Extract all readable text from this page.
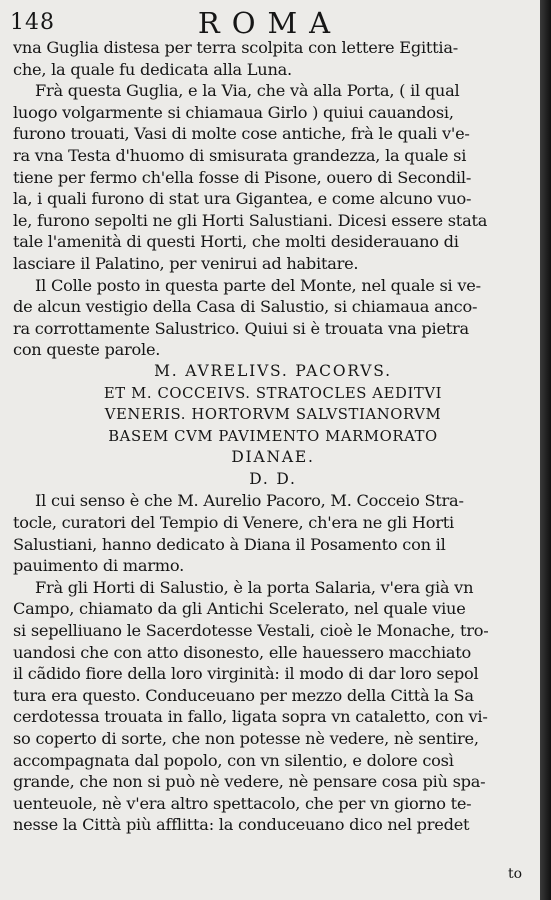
148	ROMA
vna Guglia distesa per terra scolpita con lettere Egittia-
che, la quale fu dedicata alla Luna.
Frà questa Guglia, e la Via, che và alla Porta, ( il qual
luogo volgarmente si chiamaua Girlo ) quiui cauandosi,
furono trouati, Vasi di molte cose antiche, frà le quali v'e-
ra vna Testa d'huomo di smisurata grandezza, la quale si
tiene per fermo ch'ella fosse di Pisone, ouero di Secondil-
la, i quali furono di stat ura Gigantea, e come alcuno vuo-
le, furono sepolti ne gli Horti Salustiani. Dicesi essere stata
tale l'amenità di questi Horti, che molti desiderauano di
lasciare il Palatino, per venirui ad habitare.
Il Colle posto in questa parte del Monte, nel quale si ve-
de alcun vestigio della Casa di Salustio, si chiamaua anco-
ra corrottamente Salustrico. Quiui si è trouata vna pietra
con queste parole.
M. AVRELIVS. PACORVS.
ET M. COCCEIVS. STRATOCLES AEDITVI
VENERIS. HORTORVM SALVSTIANORVM
BASEM CVM PAVIMENTO MARMORATO
DIANAE.
D. D.
Il cui senso è che M. Aurelio Pacoro, M. Cocceio Stra-
tocle, curatori del Tempio di Venere, ch'era ne gli Horti
Salustiani, hanno dedicato à Diana il Posamento con il
pauimento di marmo.
Frà gli Horti di Salustio, è la porta Salaria, v'era già vn
Campo, chiamato da gli Antichi Scelerato, nel quale viue
si sepelliuano le Sacerdotesse Vestali, cioè le Monache, tro-
uandosi che con atto disonesto, elle hauessero macchiato
il cãdido fiore della loro virginità: il modo di dar loro sepol
tura era questo. Conduceuano per mezzo della Città la Sa
cerdotessa trouata in fallo, ligata sopra vn cataletto, con vi-
so coperto di sorte, che non potesse nè vedere, nè sentire,
accompagnata dal popolo, con vn silentio, e dolore così
grande, che non si può nè vedere, nè pensare cosa più spa-
uenteuole, nè v'era altro spettacolo, che per vn giorno te-
nesse la Città più afflitta: la conduceuano dico nel predet
to
